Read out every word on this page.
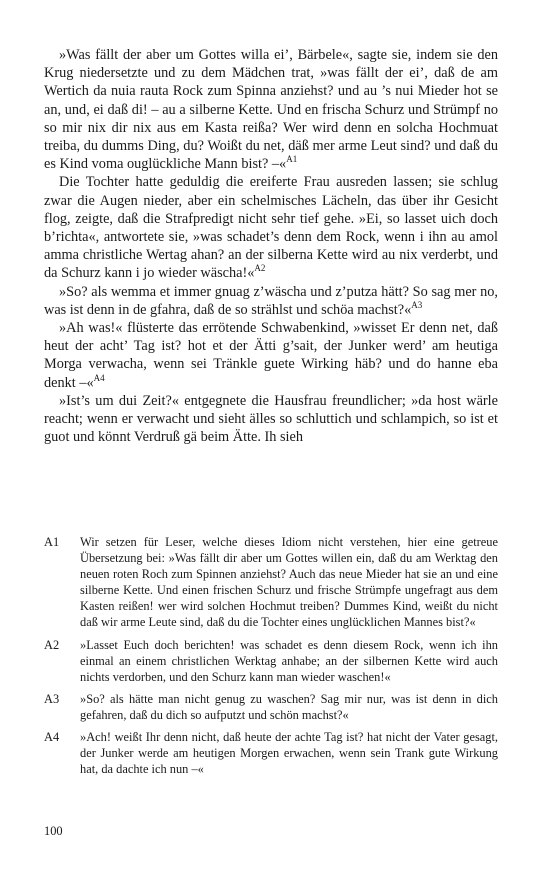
»Was fällt der aber um Gottes willa ei’, Bärbele«, sagte sie, indem sie den Krug niedersetzte und zu dem Mädchen trat, »was fällt der ei’, daß de am Wertich da nuia rauta Rock zum Spinna anziehst? und au ’s nui Mieder hot se an, und, ei daß di! – au a silberne Kette. Und en frischa Schurz und Strümpf no so mir nix dir nix aus em Kasta reißa? Wer wird denn en solcha Hochmuat treiba, du dumms Ding, du? Woißt du net, däß mer arme Leut sind? und daß du es Kind voma ouglückliche Mann bist? –«$^{A1}$

Die Tochter hatte geduldig die ereiferte Frau ausreden lassen; sie schlug zwar die Augen nieder, aber ein schelmisches Lächeln, das über ihr Gesicht flog, zeigte, daß die Strafpredigt nicht sehr tief gehe. »Ei, so lasset uich doch b’richta«, antwortete sie, »was schadet’s denn dem Rock, wenn i ihn au amol amma christliche Wertag ahan? an der silberna Kette wird au nix verderbt, und da Schurz kann i jo wieder wäscha!«$^{A2}$

»So? als wemma et immer gnuag z’wäscha und z’putza hätt? So sag mer no, was ist denn in de gfahra, daß de so strählst und schöa machst?«$^{A3}$

»Ah was!« flüsterte das errötende Schwabenkind, »wisset Er denn net, daß heut der acht’ Tag ist? hot et der Ätti g’sait, der Junker werd’ am heutiga Morga verwacha, wenn sei Tränkle guete Wirking häb? und do hanne eba denkt –«$^{A4}$

»Ist’s um dui Zeit?« entgegnete die Hausfrau freundlicher; »da host wärle reacht; wenn er verwacht und sieht älles so schluttich und schlampich, so ist et guot und könnt Verdruß gä beim Ätte. Ih sieh

A1	Wir setzen für Leser, welche dieses Idiom nicht verstehen, hier eine getreue Übersetzung bei: »Was fällt dir aber um Gottes willen ein, daß du am Werktag den neuen roten Roch zum Spinnen anziehst? Auch das neue Mieder hat sie an und eine silberne Kette. Und einen frischen Schurz und frische Strümpfe ungefragt aus dem Kasten reißen! wer wird solchen Hochmut treiben? Dummes Kind, weißt du nicht daß wir arme Leute sind, daß du die Tochter eines unglücklichen Mannes bist?«

A2	»Lasset Euch doch berichten! was schadet es denn diesem Rock, wenn ich ihn einmal an einem christlichen Werktag anhabe; an der silbernen Kette wird auch nichts verdorben, und den Schurz kann man wieder waschen!«

A3	»So? als hätte man nicht genug zu waschen? Sag mir nur, was ist denn in dich gefahren, daß du dich so aufputzt und schön machst?«

A4	»Ach! weißt Ihr denn nicht, daß heute der achte Tag ist? hat nicht der Vater gesagt, der Junker werde am heutigen Morgen erwachen, wenn sein Trank gute Wirkung hat, da dachte ich nun –«

100
